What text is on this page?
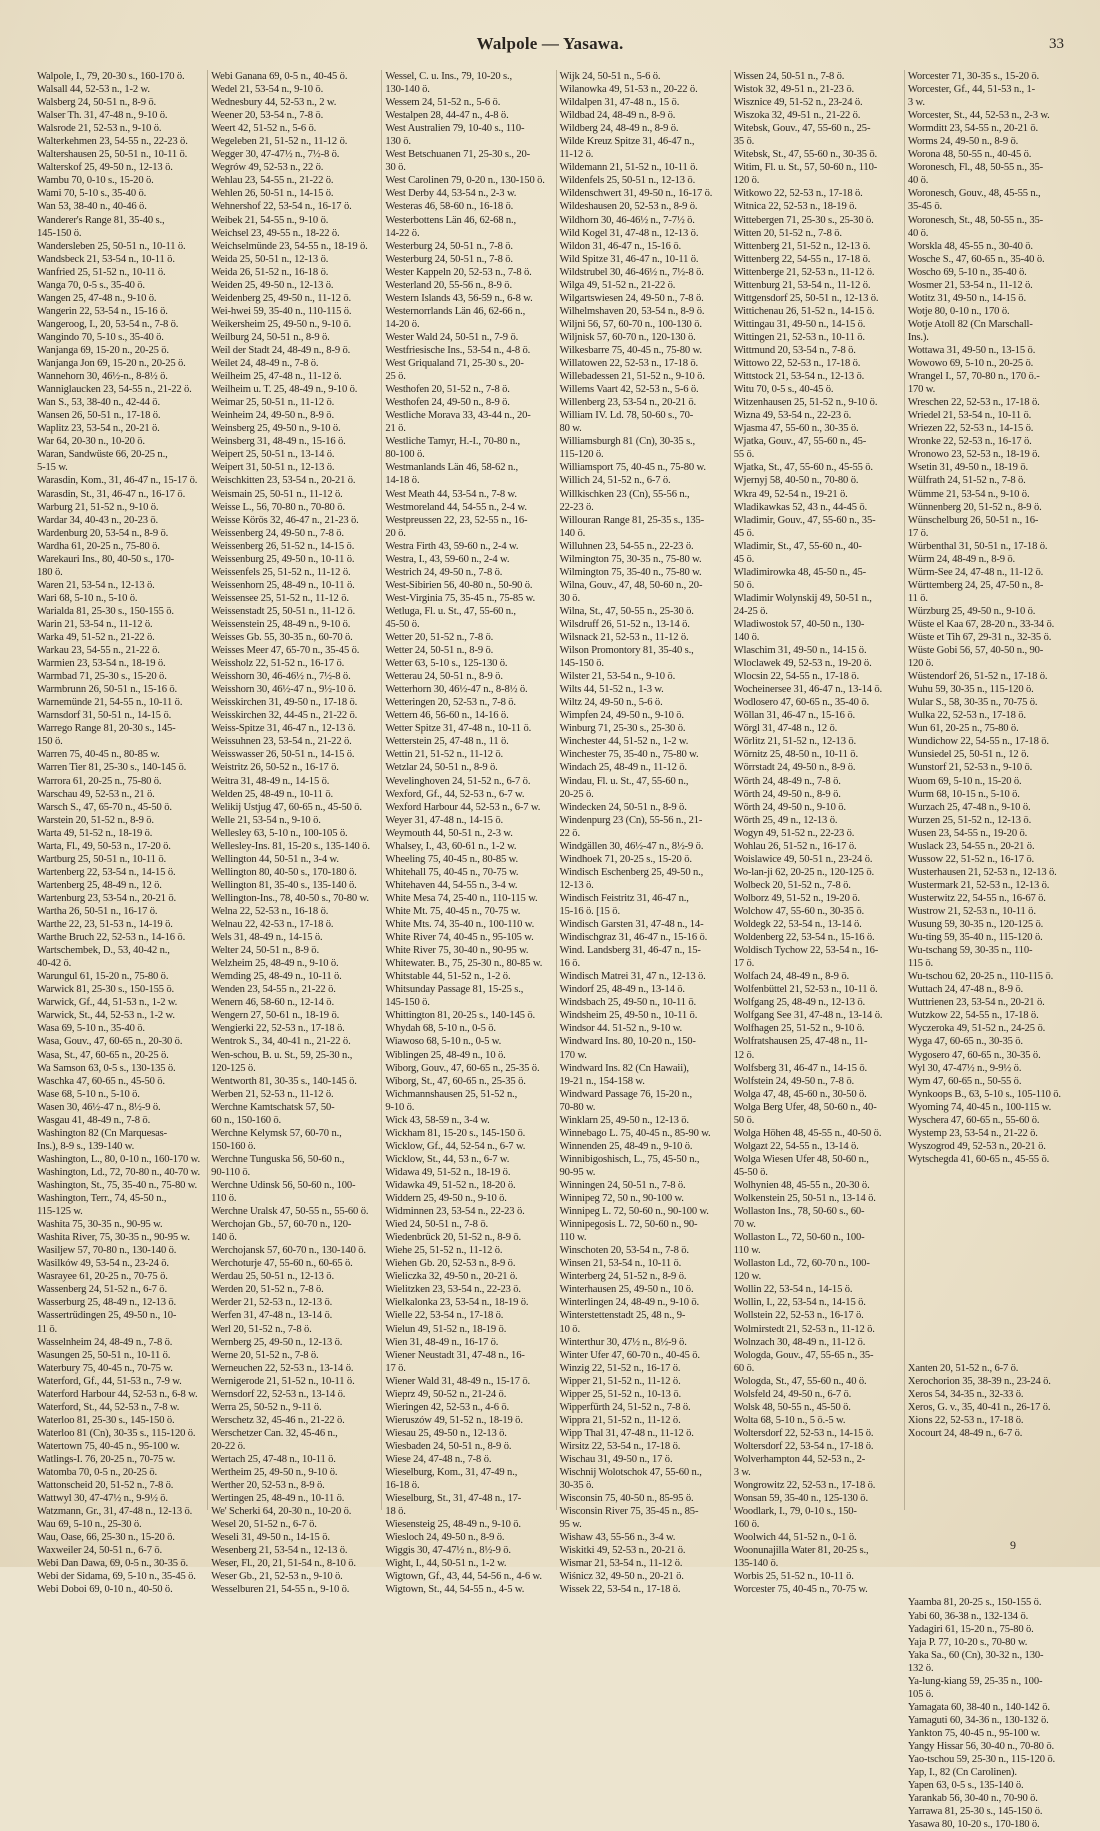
Walpole — Yasawa.	33
Walpole, I., 79, 20-30 s., 160-170 ö.
Walsall 44, 52-53 n., 1-2 w.
Walsberg 24, 50-51 n., 8-9 ö.
Walser Th. 31, 47-48 n., 9-10 ö.
Walsrode 21, 52-53 n., 9-10 ö.
Walterkehmen 23, 54-55 n., 22-23 ö.
Waltershausen 25, 50-51 n., 10-11 ö.
Walterskof 25, 49-50 n., 12-13 ö.
Wambu 70, 0-10 s., 15-20 ö.
Wami 70, 5-10 s., 35-40 ö.
Wan 53, 38-40 n., 40-46 ö.
Wanderer's Range 81, 35-40 s.,
145-150 ö.
Wandersleben 25, 50-51 n., 10-11 ö.
Wandsbeck 21, 53-54 n., 10-11 ö.
Wanfried 25, 51-52 n., 10-11 ö.
Wanga 70, 0-5 s., 35-40 ö.
Wangen 25, 47-48 n., 9-10 ö.
Wangerin 22, 53-54 n., 15-16 ö.
Wangeroog, I., 20, 53-54 n., 7-8 ö.
Wangindo 70, 5-10 s., 35-40 ö.
Wanjanga 69, 15-20 n., 20-25 ö.
Wanjanga Jon 69, 15-20 n., 20-25 ö.
Wannehorn 30, 46½-n., 8-8½ ö.
Wanniglaucken 23, 54-55 n., 21-22 ö.
Wan S., 53, 38-40 n., 42-44 ö.
Wansen 26, 50-51 n., 17-18 ö.
Waplitz 23, 53-54 n., 20-21 ö.
War 64, 20-30 n., 10-20 ö.
Waran, Sandwüste 66, 20-25 n.,
5-15 w.
Warasdin, Kom., 31, 46-47 n., 15-17 ö.
Warasdin, St., 31, 46-47 n., 16-17 ö.
Warburg 21, 51-52 n., 9-10 ö.
Wardar 34, 40-43 n., 20-23 ö.
Wardenburg 20, 53-54 n., 8-9 ö.
Wardha 61, 20-25 n., 75-80 ö.
Warekauri Ins., 80, 40-50 s., 170-
180 ö.
Waren 21, 53-54 n., 12-13 ö.
Wari 68, 5-10 n., 5-10 ö.
Warialda 81, 25-30 s., 150-155 ö.
Warin 21, 53-54 n., 11-12 ö.
Warka 49, 51-52 n., 21-22 ö.
Warkau 23, 54-55 n., 21-22 ö.
Warmien 23, 53-54 n., 18-19 ö.
Warmbad 71, 25-30 s., 15-20 ö.
Warmbrunn 26, 50-51 n., 15-16 ö.
Warnemünde 21, 54-55 n., 10-11 ö.
Warnsdorf 31, 50-51 n., 14-15 ö.
Warrego Range 81, 20-30 s., 145-
150 ö.
Warren 75, 40-45 n., 80-85 w.
Warren Tier 81, 25-30 s., 140-145 ö.
Warrora 61, 20-25 n., 75-80 ö.
Warschau 49, 52-53 n., 21 ö.
Warsch S., 47, 65-70 n., 45-50 ö.
Warstein 20, 51-52 n., 8-9 ö.
Warta 49, 51-52 n., 18-19 ö.
Warta, Fl., 49, 50-53 n., 17-20 ö.
Wartburg 25, 50-51 n., 10-11 ö.
Wartenberg 22, 53-54 n., 14-15 ö.
Wartenberg 25, 48-49 n., 12 ö.
Wartenburg 23, 53-54 n., 20-21 ö.
Wartha 26, 50-51 n., 16-17 ö.
Warthe 22, 23, 51-53 n., 14-19 ö.
Warthe Bruch 22, 52-53 n., 14-16 ö.
Wartschembek, D., 53, 40-42 n.,
40-42 ö.
Warungul 61, 15-20 n., 75-80 ö.
Warwick 81, 25-30 s., 150-155 ö.
Warwick, Gf., 44, 51-53 n., 1-2 w.
Warwick, St., 44, 52-53 n., 1-2 w.
Wasa 69, 5-10 n., 35-40 ö.
Wasa, Gouv., 47, 60-65 n., 20-30 ö.
Wasa, St., 47, 60-65 n., 20-25 ö.
Wa Samson 63, 0-5 s., 130-135 ö.
Waschka 47, 60-65 n., 45-50 ö.
Wase 68, 5-10 n., 5-10 ö.
Wasen 30, 46½-47 n., 8½-9 ö.
Wasgau 41, 48-49 n., 7-8 ö.
Washington 82 (Cn Marquesas-
Ins.), 8-9 s., 139-140 w.
Washington, L., 80, 0-10 n., 160-170 w.
Washington, Ld., 72, 70-80 n., 40-70 w.
Washington, St., 75, 35-40 n., 75-80 w.
Washington, Terr., 74, 45-50 n.,
115-125 w.
Washita 75, 30-35 n., 90-95 w.
Washita River, 75, 30-35 n., 90-95 w.
Wasiljew 57, 70-80 n., 130-140 ö.
Wasilków 49, 53-54 n., 23-24 ö.
Wasrayee 61, 20-25 n., 70-75 ö.
Wassenberg 24, 51-52 n., 6-7 ö.
Wasserburg 25, 48-49 n., 12-13 ö.
Wassertrüdingen 25, 49-50 n., 10-
11 ö.
Wasselnheim 24, 48-49 n., 7-8 ö.
Wasungen 25, 50-51 n., 10-11 ö.
Waterbury 75, 40-45 n., 70-75 w.
Waterford, Gf., 44, 51-53 n., 7-9 w.
Waterford Harbour 44, 52-53 n., 6-8 w.
Waterford, St., 44, 52-53 n., 7-8 w.
Waterloo 81, 25-30 s., 145-150 ö.
Waterloo 81 (Cn), 30-35 s., 115-120 ö.
Watertown 75, 40-45 n., 95-100 w.
Watlings-I. 76, 20-25 n., 70-75 w.
Watomba 70, 0-5 n., 20-25 ö.
Wattonscheid 20, 51-52 n., 7-8 ö.
Wattwyl 30, 47-47½ n., 9-9½ ö.
Watzmann, Gr., 31, 47-48 n., 12-13 ö.
Wau 69, 5-10 n., 25-30 ö.
Wau, Oase, 66, 25-30 n., 15-20 ö.
Waxweiler 24, 50-51 n., 6-7 ö.
Webi Dan Dawa, 69, 0-5 n., 30-35 ö.
Webi der Sidama, 69, 5-10 n., 35-45 ö.
Webi Doboi 69, 0-10 n., 40-50 ö.
Webi Ganana 69, 0-5 n., 40-45 ö.
Wedel 21, 53-54 n., 9-10 ö.
Wednesbury 44, 52-53 n., 2 w.
Weener 20, 53-54 n., 7-8 ö.
Weert 42, 51-52 n., 5-6 ö.
Wegeleben 21, 51-52 n., 11-12 ö.
Wegger 30, 47-47½ n., 7½-8 ö.
Wegrów 49, 52-53 n., 22 ö.
Wehlau 23, 54-55 n., 21-22 ö.
Wehlen 26, 50-51 n., 14-15 ö.
Wehnershof 22, 53-54 n., 16-17 ö.
Weibek 21, 54-55 n., 9-10 ö.
Weichsel 23, 49-55 n., 18-22 ö.
Weichselmünde 23, 54-55 n., 18-19 ö.
Weida 25, 50-51 n., 12-13 ö.
Weida 26, 51-52 n., 16-18 ö.
Weiden 25, 49-50 n., 12-13 ö.
Weidenberg 25, 49-50 n., 11-12 ö.
Wei-hwei 59, 35-40 n., 110-115 ö.
Weikersheim 25, 49-50 n., 9-10 ö.
Weilburg 24, 50-51 n., 8-9 ö.
Weil der Stadt 24, 48-49 n., 8-9 ö.
Weilet 24, 48-49 n., 7-8 ö.
Weilheim 25, 47-48 n., 11-12 ö.
Weilheim u. T. 25, 48-49 n., 9-10 ö.
Weimar 25, 50-51 n., 11-12 ö.
Weinheim 24, 49-50 n., 8-9 ö.
Weinsberg 25, 49-50 n., 9-10 ö.
Weinsberg 31, 48-49 n., 15-16 ö.
Weipert 25, 50-51 n., 13-14 ö.
Weipert 31, 50-51 n., 12-13 ö.
Weischkitten 23, 53-54 n., 20-21 ö.
Weismain 25, 50-51 n., 11-12 ö.
Weisse L., 56, 70-80 n., 70-80 ö.
Weisse Körös 32, 46-47 n., 21-23 ö.
Weissenberg 24, 49-50 n., 7-8 ö.
Weissenberg 26, 51-52 n., 14-15 ö.
Weissenburg 25, 49-50 n., 10-11 ö.
Weissenfels 25, 51-52 n., 11-12 ö.
Weissenhorn 25, 48-49 n., 10-11 ö.
Weissensee 25, 51-52 n., 11-12 ö.
Weissenstadt 25, 50-51 n., 11-12 ö.
Weissenstein 25, 48-49 n., 9-10 ö.
Weisses Gb. 55, 30-35 n., 60-70 ö.
Weisses Meer 47, 65-70 n., 35-45 ö.
Weissholz 22, 51-52 n., 16-17 ö.
Weisshorn 30, 46-46½ n., 7½-8 ö.
Weisshorn 30, 46½-47 n., 9½-10 ö.
Weisskirchen 31, 49-50 n., 17-18 ö.
Weisskirchen 32, 44-45 n., 21-22 ö.
Weiss-Spitze 31, 46-47 n., 12-13 ö.
Weissuhnen 23, 53-54 n., 21-22 ö.
Weisswasser 26, 50-51 n., 14-15 ö.
Weistritz 26, 50-52 n., 16-17 ö.
Weitra 31, 48-49 n., 14-15 ö.
Welden 25, 48-49 n., 10-11 ö.
Welikij Ustjug 47, 60-65 n., 45-50 ö.
Welle 21, 53-54 n., 9-10 ö.
Wellesley 63, 5-10 n., 100-105 ö.
Wellesley-Ins. 81, 15-20 s., 135-140 ö.
Wellington 44, 50-51 n., 3-4 w.
Wellington 80, 40-50 s., 170-180 ö.
Wellington 81, 35-40 s., 135-140 ö.
Wellington-Ins., 78, 40-50 s., 70-80 w.
Welna 22, 52-53 n., 16-18 ö.
Welnau 22, 42-53 n., 17-18 ö.
Wels 31, 48-49 n., 14-15 ö.
Welter 24, 50-51 n., 8-9 ö.
Welzheim 25, 48-49 n., 9-10 ö.
Wemding 25, 48-49 n., 10-11 ö.
Wenden 23, 54-55 n., 21-22 ö.
Wenern 46, 58-60 n., 12-14 ö.
Wengern 27, 50-61 n., 18-19 ö.
Wengierki 22, 52-53 n., 17-18 ö.
Wentrok S., 34, 40-41 n., 21-22 ö.
Wen-schou, B. u. St., 59, 25-30 n.,
120-125 ö.
Wentworth 81, 30-35 s., 140-145 ö.
Werben 21, 52-53 n., 11-12 ö.
Werchne Kamtschatsk 57, 50-
60 n., 150-160 ö.
Werchne Kelymsk 57, 60-70 n.,
150-160 ö.
Werchne Tunguska 56, 50-60 n.,
90-110 ö.
Werchne Udinsk 56, 50-60 n., 100-
110 ö.
Werchne Uralsk 47, 50-55 n., 55-60 ö.
Werchojan Gb., 57, 60-70 n., 120-
140 ö.
Werchojansk 57, 60-70 n., 130-140 ö.
Werchoturje 47, 55-60 n., 60-65 ö.
Werdau 25, 50-51 n., 12-13 ö.
Werden 20, 51-52 n., 7-8 ö.
Werder 21, 52-53 n., 12-13 ö.
Werfen 31, 47-48 n., 13-14 ö.
Werl 20, 51-52 n., 7-8 ö.
Wernberg 25, 49-50 n., 12-13 ö.
Werne 20, 51-52 n., 7-8 ö.
Werneuchen 22, 52-53 n., 13-14 ö.
Wernigerode 21, 51-52 n., 10-11 ö.
Wernsdorf 22, 52-53 n., 13-14 ö.
Werra 25, 50-52 n., 9-11 ö.
Werschetz 32, 45-46 n., 21-22 ö.
Werschetzer Can. 32, 45-46 n.,
20-22 ö.
Wertach 25, 47-48 n., 10-11 ö.
Wertheim 25, 49-50 n., 9-10 ö.
Werther 20, 52-53 n., 8-9 ö.
Wertingen 25, 48-49 n., 10-11 ö.
We' Scherki 64, 20-30 n., 10-20 ö.
Wesel 20, 51-52 n., 6-7 ö.
Weseli 31, 49-50 n., 14-15 ö.
Wesenberg 21, 53-54 n., 12-13 ö.
Weser, Fl., 20, 21, 51-54 n., 8-10 ö.
Weser Gb., 21, 52-53 n., 9-10 ö.
Wesselburen 21, 54-55 n., 9-10 ö.
Wessel, C. u. Ins., 79, 10-20 s.,
130-140 ö.
Wessem 24, 51-52 n., 5-6 ö.
Westalpen 28, 44-47 n., 4-8 ö.
West Australien 79, 10-40 s., 110-
130 ö.
West Betschuanen 71, 25-30 s., 20-
30 ö.
West Carolinen 79, 0-20 n., 130-150 ö.
West Derby 44, 53-54 n., 2-3 w.
Westeras 46, 58-60 n., 16-18 ö.
Westerbottens Län 46, 62-68 n.,
14-22 ö.
Westerburg 24, 50-51 n., 7-8 ö.
Westerburg 24, 50-51 n., 7-8 ö.
Wester Kappeln 20, 52-53 n., 7-8 ö.
Westerland 20, 55-56 n., 8-9 ö.
Western Islands 43, 56-59 n., 6-8 w.
Westernorrlands Län 46, 62-66 n.,
14-20 ö.
Wester Wald 24, 50-51 n., 7-9 ö.
Westfriesische Ins., 53-54 n., 4-8 ö.
West Griqualand 71, 25-30 s., 20-
25 ö.
Westhofen 20, 51-52 n., 7-8 ö.
Westhofen 24, 49-50 n., 8-9 ö.
Westliche Morava 33, 43-44 n., 20-
21 ö.
Westliche Tamyr, H.-I., 70-80 n.,
80-100 ö.
Westmanlands Län 46, 58-62 n.,
14-18 ö.
West Meath 44, 53-54 n., 7-8 w.
Westmoreland 44, 54-55 n., 2-4 w.
Westpreussen 22, 23, 52-55 n., 16-
20 ö.
Westra Firth 43, 59-60 n., 2-4 w.
Westra, I., 43, 59-60 n., 2-4 w.
Westrich 24, 49-50 n., 7-8 ö.
West-Sibirien 56, 40-80 n., 50-90 ö.
West-Virginia 75, 35-45 n., 75-85 w.
Wetluga, Fl. u. St., 47, 55-60 n.,
45-50 ö.
Wetter 20, 51-52 n., 7-8 ö.
Wetter 24, 50-51 n., 8-9 ö.
Wetter 63, 5-10 s., 125-130 ö.
Wetterau 24, 50-51 n., 8-9 ö.
Wetterhorn 30, 46½-47 n., 8-8½ ö.
Wetteringen 20, 52-53 n., 7-8 ö.
Wettern 46, 56-60 n., 14-16 ö.
Wetter Spitze 31, 47-48 n., 10-11 ö.
Wetterstein 25, 47-48 n., 11 ö.
Wettin 21, 51-52 n., 11-12 ö.
Wetzlar 24, 50-51 n., 8-9 ö.
Wevelinghoven 24, 51-52 n., 6-7 ö.
Wexford, Gf., 44, 52-53 n., 6-7 w.
Wexford Harbour 44, 52-53 n., 6-7 w.
Weyer 31, 47-48 n., 14-15 ö.
Weymouth 44, 50-51 n., 2-3 w.
Whalsey, I., 43, 60-61 n., 1-2 w.
Wheeling 75, 40-45 n., 80-85 w.
Whitehall 75, 40-45 n., 70-75 w.
Whitehaven 44, 54-55 n., 3-4 w.
White Mesa 74, 25-40 n., 110-115 w.
White Mt. 75, 40-45 n., 70-75 w.
White Mts. 74, 35-40 n., 100-110 w.
White River 74, 40-45 n., 95-105 w.
White River 75, 30-40 n., 90-95 w.
Whitewater. B., 75, 25-30 n., 80-85 w.
Whitstable 44, 51-52 n., 1-2 ö.
Whitsunday Passage 81, 15-25 s.,
145-150 ö.
Whittington 81, 20-25 s., 140-145 ö.
Whydah 68, 5-10 n., 0-5 ö.
Wiawoso 68, 5-10 n., 0-5 w.
Wiblingen 25, 48-49 n., 10 ö.
Wiborg, Gouv., 47, 60-65 n., 25-35 ö.
Wiborg, St., 47, 60-65 n., 25-35 ö.
Wichmannshausen 25, 51-52 n.,
9-10 ö.
Wick 43, 58-59 n., 3-4 w.
Wickham 81, 15-20 s., 145-150 ö.
Wicklow, Gf., 44, 52-54 n., 6-7 w.
Wicklow, St., 44, 53 n., 6-7 w.
Widawa 49, 51-52 n., 18-19 ö.
Widawka 49, 51-52 n., 18-20 ö.
Widdern 25, 49-50 n., 9-10 ö.
Widminnen 23, 53-54 n., 22-23 ö.
Wied 24, 50-51 n., 7-8 ö.
Wiedenbrück 20, 51-52 n., 8-9 ö.
Wiehe 25, 51-52 n., 11-12 ö.
Wiehen Gb. 20, 52-53 n., 8-9 ö.
Wieliczka 32, 49-50 n., 20-21 ö.
Wielitzken 23, 53-54 n., 22-23 ö.
Wielkalonka 23, 53-54 n., 18-19 ö.
Wielle 22, 53-54 n., 17-18 ö.
Wielun 49, 51-52 n., 18-19 ö.
Wien 31, 48-49 n., 16-17 ö.
Wiener Neustadt 31, 47-48 n., 16-
17 ö.
Wiener Wald 31, 48-49 n., 15-17 ö.
Wieprz 49, 50-52 n., 21-24 ö.
Wieringen 42, 52-53 n., 4-6 ö.
Wieruszów 49, 51-52 n., 18-19 ö.
Wiesau 25, 49-50 n., 12-13 ö.
Wiesbaden 24, 50-51 n., 8-9 ö.
Wiese 24, 47-48 n., 7-8 ö.
Wieselburg, Kom., 31, 47-49 n.,
16-18 ö.
Wieselburg, St., 31, 47-48 n., 17-
18 ö.
Wiesensteig 25, 48-49 n., 9-10 ö.
Wiesloch 24, 49-50 n., 8-9 ö.
Wiggis 30, 47-47½ n., 8½-9 ö.
Wight, I., 44, 50-51 n., 1-2 w.
Wigtown, Gf., 43, 44, 54-56 n., 4-6 w.
Wigtown, St., 44, 54-55 n., 4-5 w.
Wijk 24, 50-51 n., 5-6 ö.
Wilanowka 49, 51-53 n., 20-22 ö.
Wildalpen 31, 47-48 n., 15 ö.
Wildbad 24, 48-49 n., 8-9 ö.
Wildberg 24, 48-49 n., 8-9 ö.
Wilde Kreuz Spitze 31, 46-47 n.,
11-12 ö.
Wildemann 21, 51-52 n., 10-11 ö.
Wildenfels 25, 50-51 n., 12-13 ö.
Wildenschwert 31, 49-50 n., 16-17 ö.
Wildeshausen 20, 52-53 n., 8-9 ö.
Wildhorn 30, 46-46½ n., 7-7½ ö.
Wild Kogel 31, 47-48 n., 12-13 ö.
Wildon 31, 46-47 n., 15-16 ö.
Wild Spitze 31, 46-47 n., 10-11 ö.
Wildstrubel 30, 46-46½ n., 7½-8 ö.
Wilga 49, 51-52 n., 21-22 ö.
Wilgartswiesen 24, 49-50 n., 7-8 ö.
Wilhelmshaven 20, 53-54 n., 8-9 ö.
Wiljni 56, 57, 60-70 n., 100-130 ö.
Wiljnisk 57, 60-70 n., 120-130 ö.
Wilkesbarre 75, 40-45 n., 75-80 w.
Willatowen 22, 52-53 n., 17-18 ö.
Willebadessen 21, 51-52 n., 9-10 ö.
Willems Vaart 42, 52-53 n., 5-6 ö.
Willenberg 23, 53-54 n., 20-21 ö.
William IV. Ld. 78, 50-60 s., 70-
80 w.
Williamsburgh 81 (Cn), 30-35 s.,
115-120 ö.
Williamsport 75, 40-45 n., 75-80 w.
Willich 24, 51-52 n., 6-7 ö.
Willkischken 23 (Cn), 55-56 n.,
22-23 ö.
Willouran Range 81, 25-35 s., 135-
140 ö.
Willuhnen 23, 54-55 n., 22-23 ö.
Wilmington 75, 30-35 n., 75-80 w.
Wilmington 75, 35-40 n., 75-80 w.
Wilna, Gouv., 47, 48, 50-60 n., 20-
30 ö.
Wilna, St., 47, 50-55 n., 25-30 ö.
Wilsdruff 26, 51-52 n., 13-14 ö.
Wilsnack 21, 52-53 n., 11-12 ö.
Wilson Promontory 81, 35-40 s.,
145-150 ö.
Wilster 21, 53-54 n., 9-10 ö.
Wilts 44, 51-52 n., 1-3 w.
Wiltz 24, 49-50 n., 5-6 ö.
Wimpfen 24, 49-50 n., 9-10 ö.
Winburg 71, 25-30 s., 25-30 ö.
Winchester 44, 51-52 n., 1-2 w.
Winchester 75, 35-40 n., 75-80 w.
Windach 25, 48-49 n., 11-12 ö.
Windau, Fl. u. St., 47, 55-60 n.,
20-25 ö.
Windecken 24, 50-51 n., 8-9 ö.
Windenpurg 23 (Cn), 55-56 n., 21-
22 ö.
Windgällen 30, 46½-47 n., 8½-9 ö.
Windhoek 71, 20-25 s., 15-20 ö.
Windisch Eschenberg 25, 49-50 n.,
12-13 ö.
Windisch Feistritz 31, 46-47 n.,
15-16 ö. [15 ö.
Windisch Garsten 31, 47-48 n., 14-
Windischgraz 31, 46-47 n., 15-16 ö.
Wind. Landsberg 31, 46-47 n., 15-
16 ö.
Windisch Matrei 31, 47 n., 12-13 ö.
Windorf 25, 48-49 n., 13-14 ö.
Windsbach 25, 49-50 n., 10-11 ö.
Windsheim 25, 49-50 n., 10-11 ö.
Windsor 44. 51-52 n., 9-10 w.
Windward Ins. 80, 10-20 n., 150-
170 w.
Windward Ins. 82 (Cn Hawaii),
19-21 n., 154-158 w.
Windward Passage 76, 15-20 n.,
70-80 w.
Winklarn 25, 49-50 n., 12-13 ö.
Winnebago L. 75, 40-45 n., 85-90 w.
Winnenden 25, 48-49 n., 9-10 ö.
Winnibigoshisch, L., 75, 45-50 n.,
90-95 w.
Winningen 24, 50-51 n., 7-8 ö.
Winnipeg 72, 50 n., 90-100 w.
Winnipeg L. 72, 50-60 n., 90-100 w.
Winnipegosis L. 72, 50-60 n., 90-
110 w.
Winschoten 20, 53-54 n., 7-8 ö.
Winsen 21, 53-54 n., 10-11 ö.
Winterberg 24, 51-52 n., 8-9 ö.
Winterhausen 25, 49-50 n., 10 ö.
Winterlingen 24, 48-49 n., 9-10 ö.
Winterstettenstadt 25, 48 n., 9-
10 ö.
Winterthur 30, 47½ n., 8½-9 ö.
Winter Ufer 47, 60-70 n., 40-45 ö.
Winzig 22, 51-52 n., 16-17 ö.
Wipper 21, 51-52 n., 11-12 ö.
Wipper 25, 51-52 n., 10-13 ö.
Wipperfürth 24, 51-52 n., 7-8 ö.
Wippra 21, 51-52 n., 11-12 ö.
Wipp Thal 31, 47-48 n., 11-12 ö.
Wirsitz 22, 53-54 n., 17-18 ö.
Wischau 31, 49-50 n., 17 ö.
Wischnij Wolotschok 47, 55-60 n.,
30-35 ö.
Wisconsin 75, 40-50 n., 85-95 ö.
Wisconsin River 75, 35-45 n., 85-
95 w.
Wishaw 43, 55-56 n., 3-4 w.
Wiskitki 49, 52-53 n., 20-21 ö.
Wismar 21, 53-54 n., 11-12 ö.
Wiśnicz 32, 49-50 n., 20-21 ö.
Wissek 22, 53-54 n., 17-18 ö.
Wissen 24, 50-51 n., 7-8 ö.
Wistok 32, 49-51 n., 21-23 ö.
Wisznice 49, 51-52 n., 23-24 ö.
Wiszoka 32, 49-51 n., 21-22 ö.
Witebsk, Gouv., 47, 55-60 n., 25-
35 ö.
Witebsk, St., 47, 55-60 n., 30-35 ö.
Witim, Fl. u. St., 57, 50-60 n., 110-
120 ö.
Witkowo 22, 52-53 n., 17-18 ö.
Witnica 22, 52-53 n., 18-19 ö.
Wittebergen 71, 25-30 s., 25-30 ö.
Witten 20, 51-52 n., 7-8 ö.
Wittenberg 21, 51-52 n., 12-13 ö.
Wittenberg 22, 54-55 n., 17-18 ö.
Wittenberge 21, 52-53 n., 11-12 ö.
Wittenburg 21, 53-54 n., 11-12 ö.
Wittgensdorf 25, 50-51 n., 12-13 ö.
Wittichenau 26, 51-52 n., 14-15 ö.
Wittingau 31, 49-50 n., 14-15 ö.
Wittingen 21, 52-53 n., 10-11 ö.
Wittmund 20, 53-54 n., 7-8 ö.
Wittowo 22, 52-53 n., 17-18 ö.
Wittstock 21, 53-54 n., 12-13 ö.
Witu 70, 0-5 s., 40-45 ö.
Witzenhausen 25, 51-52 n., 9-10 ö.
Wizna 49, 53-54 n., 22-23 ö.
Wjasma 47, 55-60 n., 30-35 ö.
Wjatka, Gouv., 47, 55-60 n., 45-
55 ö.
Wjatka, St., 47, 55-60 n., 45-55 ö.
Wjernyj 58, 40-50 n., 70-80 ö.
Wkra 49, 52-54 n., 19-21 ö.
Wladikawkas 52, 43 n., 44-45 ö.
Wladimir, Gouv., 47, 55-60 n., 35-
45 ö.
Wladimir, St., 47, 55-60 n., 40-
45 ö.
Wladimirowka 48, 45-50 n., 45-
50 ö.
Wladimir Wolynskij 49, 50-51 n.,
24-25 ö.
Wladiwostok 57, 40-50 n., 130-
140 ö.
Wlaschim 31, 49-50 n., 14-15 ö.
Wloclawek 49, 52-53 n., 19-20 ö.
Wlocsin 22, 54-55 n., 17-18 ö.
Wocheinersee 31, 46-47 n., 13-14 ö.
Wodlosero 47, 60-65 n., 35-40 ö.
Wöllan 31, 46-47 n., 15-16 ö.
Wörgl 31, 47-48 n., 12 ö.
Wörlitz 21, 51-52 n., 12-13 ö.
Wörnitz 25, 48-50 n., 10-11 ö.
Wörrstadt 24, 49-50 n., 8-9 ö.
Wörth 24, 48-49 n., 7-8 ö.
Wörth 24, 49-50 n., 8-9 ö.
Wörth 24, 49-50 n., 9-10 ö.
Wörth 25, 49 n., 12-13 ö.
Wogyn 49, 51-52 n., 22-23 ö.
Wohlau 26, 51-52 n., 16-17 ö.
Woislawice 49, 50-51 n., 23-24 ö.
Wo-lan-ji 62, 20-25 n., 120-125 ö.
Wolbeck 20, 51-52 n., 7-8 ö.
Wolborz 49, 51-52 n., 19-20 ö.
Wolchow 47, 55-60 n., 30-35 ö.
Woldegk 22, 53-54 n., 13-14 ö.
Woldenberg 22, 53-54 n., 15-16 ö.
Woldisch Tychow 22, 53-54 n., 16-
17 ö.
Wolfach 24, 48-49 n., 8-9 ö.
Wolfenbüttel 21, 52-53 n., 10-11 ö.
Wolfgang 25, 48-49 n., 12-13 ö.
Wolfgang See 31, 47-48 n., 13-14 ö.
Wolfhagen 25, 51-52 n., 9-10 ö.
Wolfratshausen 25, 47-48 n., 11-
12 ö.
Wolfsberg 31, 46-47 n., 14-15 ö.
Wolfstein 24, 49-50 n., 7-8 ö.
Wolga 47, 48, 45-60 n., 30-50 ö.
Wolga Berg Ufer, 48, 50-60 n., 40-
50 ö.
Wolga Höhen 48, 45-55 n., 40-50 ö.
Wolgazt 22, 54-55 n., 13-14 ö.
Wolga Wiesen Ufer 48, 50-60 n.,
45-50 ö.
Wolhynien 48, 45-55 n., 20-30 ö.
Wolkenstein 25, 50-51 n., 13-14 ö.
Wollaston Ins., 78, 50-60 s., 60-
70 w.
Wollaston L., 72, 50-60 n., 100-
110 w.
Wollaston Ld., 72, 60-70 n., 100-
120 w.
Wollin 22, 53-54 n., 14-15 ö.
Wollin, I., 22, 53-54 n., 14-15 ö.
Wollstein 22, 52-53 n., 16-17 ö.
Wolmirstedt 21, 52-53 n., 11-12 ö.
Wolnzach 30, 48-49 n., 11-12 ö.
Wologda, Gouv., 47, 55-65 n., 35-
60 ö.
Wologda, St., 47, 55-60 n., 40 ö.
Wolsfeld 24, 49-50 n., 6-7 ö.
Wolsk 48, 50-55 n., 45-50 ö.
Wolta 68, 5-10 n., 5 ö.-5 w.
Woltersdorf 22, 52-53 n., 14-15 ö.
Woltersdorf 22, 53-54 n., 17-18 ö.
Wolverhampton 44, 52-53 n., 2-
3 w.
Wongrowitz 22, 52-53 n., 17-18 ö.
Wonsan 59, 35-40 n., 125-130 ö.
Woodlark, I., 79, 0-10 s., 150-
160 ö.
Woolwich 44, 51-52 n., 0-1 ö.
Woonunajilla Water 81, 20-25 s.,
135-140 ö.
Worbis 25, 51-52 n., 10-11 ö.
Worcester 75, 40-45 n., 70-75 w.
Worcester 71, 30-35 s., 15-20 ö.
Worcester, Gf., 44, 51-53 n., 1-
3 w.
Worcester, St., 44, 52-53 n., 2-3 w.
Wormditt 23, 54-55 n., 20-21 ö.
Worms 24, 49-50 n., 8-9 ö.
Worona 48, 50-55 n., 40-45 ö.
Woronesch, Fl., 48, 50-55 n., 35-
40 ö.
Woronesch, Gouv., 48, 45-55 n.,
35-45 ö.
Woronesch, St., 48, 50-55 n., 35-
40 ö.
Worskla 48, 45-55 n., 30-40 ö.
Wosche S., 47, 60-65 n., 35-40 ö.
Woscho 69, 5-10 n., 35-40 ö.
Wosmer 21, 53-54 n., 11-12 ö.
Wotitz 31, 49-50 n., 14-15 ö.
Wotje 80, 0-10 n., 170 ö.
Wotje Atoll 82 (Cn Marschall-
Ins.).
Wottawa 31, 49-50 n., 13-15 ö.
Wowowo 69, 5-10 n., 20-25 ö.
Wrangel I., 57, 70-80 n., 170 ö.-
170 w.
Wreschen 22, 52-53 n., 17-18 ö.
Wriedel 21, 53-54 n., 10-11 ö.
Wriezen 22, 52-53 n., 14-15 ö.
Wronke 22, 52-53 n., 16-17 ö.
Wronowo 23, 52-53 n., 18-19 ö.
Wsetin 31, 49-50 n., 18-19 ö.
Wülfrath 24, 51-52 n., 7-8 ö.
Wümme 21, 53-54 n., 9-10 ö.
Wünnenberg 20, 51-52 n., 8-9 ö.
Wünschelburg 26, 50-51 n., 16-
17 ö.
Würbenthal 31, 50-51 n., 17-18 ö.
Würm 24, 48-49 n., 8-9 ö.
Würm-See 24, 47-48 n., 11-12 ö.
Württemberg 24, 25, 47-50 n., 8-
11 ö.
Würzburg 25, 49-50 n., 9-10 ö.
Wüste el Kaa 67, 28-20 n., 33-34 ö.
Wüste et Tih 67, 29-31 n., 32-35 ö.
Wüste Gobi 56, 57, 40-50 n., 90-
120 ö.
Wüstendorf 26, 51-52 n., 17-18 ö.
Wuhu 59, 30-35 n., 115-120 ö.
Wular S., 58, 30-35 n., 70-75 ö.
Wulka 22, 52-53 n., 17-18 ö.
Wun 61, 20-25 n., 75-80 ö.
Wundichow 22, 54-55 n., 17-18 ö.
Wunsiedel 25, 50-51 n., 12 ö.
Wunstorf 21, 52-53 n., 9-10 ö.
Wuom 69, 5-10 n., 15-20 ö.
Wurm 68, 10-15 n., 5-10 ö.
Wurzach 25, 47-48 n., 9-10 ö.
Wurzen 25, 51-52 n., 12-13 ö.
Wusen 23, 54-55 n., 19-20 ö.
Wuslack 23, 54-55 n., 20-21 ö.
Wussow 22, 51-52 n., 16-17 ö.
Wusterhausen 21, 52-53 n., 12-13 ö.
Wustermark 21, 52-53 n., 12-13 ö.
Wusterwitz 22, 54-55 n., 16-67 ö.
Wustrow 21, 52-53 n., 10-11 ö.
Wusung 59, 30-35 n., 120-125 ö.
Wu-ting 59, 35-40 n., 115-120 ö.
Wu-tschang 59, 30-35 n., 110-
115 ö.
Wu-tschou 62, 20-25 n., 110-115 ö.
Wuttach 24, 47-48 n., 8-9 ö.
Wuttrienen 23, 53-54 n., 20-21 ö.
Wutzkow 22, 54-55 n., 17-18 ö.
Wyczeroka 49, 51-52 n., 24-25 ö.
Wyga 47, 60-65 n., 30-35 ö.
Wygosero 47, 60-65 n., 30-35 ö.
Wyl 30, 47-47½ n., 9-9½ ö.
Wym 47, 60-65 n., 50-55 ö.
Wynkoops B., 63, 5-10 s., 105-110 ö.
Wyoming 74, 40-45 n., 100-115 w.
Wyschera 47, 60-65 n., 55-60 ö.
Wystemp 23, 53-54 n., 21-22 ö.
Wyszogrod 49, 52-53 n., 20-21 ö.
Wytschegda 41, 60-65 n., 45-55 ö.

Xanten 20, 51-52 n., 6-7 ö.
Xerochorion 35, 38-39 n., 23-24 ö.
Xeros 54, 34-35 n., 32-33 ö.
Xeros, G. v., 35, 40-41 n., 26-17 ö.
Xions 22, 52-53 n., 17-18 ö.
Xocourt 24, 48-49 n., 6-7 ö.

Yaamba 81, 20-25 s., 150-155 ö.
Yabi 60, 36-38 n., 132-134 ö.
Yadagiri 61, 15-20 n., 75-80 ö.
Yaja P. 77, 10-20 s., 70-80 w.
Yaka Sa., 60 (Cn), 30-32 n., 130-
132 ö.
Ya-lung-kiang 59, 25-35 n., 100-
105 ö.
Yamagata 60, 38-40 n., 140-142 ö.
Yamaguti 60, 34-36 n., 130-132 ö.
Yankton 75, 40-45 n., 95-100 w.
Yangy Hissar 56, 30-40 n., 70-80 ö.
Yao-tschou 59, 25-30 n., 115-120 ö.
Yap, I., 82 (Cn Carolinen).
Yapen 63, 0-5 s., 135-140 ö.
Yarankab 56, 30-40 n., 70-90 ö.
Yarrawa 81, 25-30 s., 145-150 ö.
Yasawa 80, 10-20 s., 170-180 ö.
9
